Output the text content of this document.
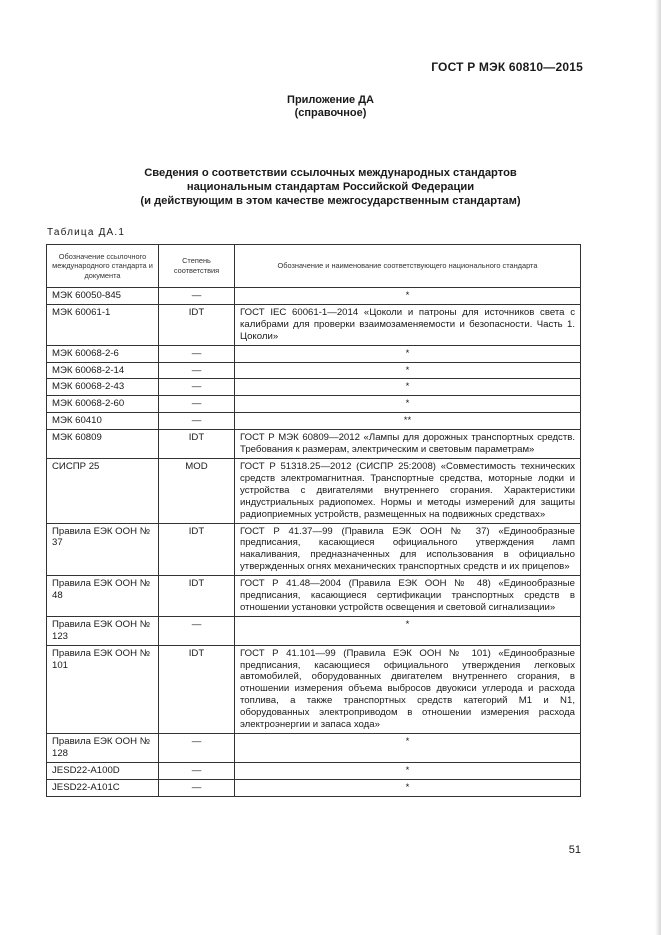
ГОСТ Р МЭК 60810—2015
Приложение ДА
(справочное)
Сведения о соответствии ссылочных международных стандартов
национальным стандартам Российской Федерации
(и действующим в этом качестве межгосударственным стандартам)
Таблица ДА.1
Обозначение ссылочного международного стандарта и документа	Степень соответствия	Обозначение и наименование соответствующего национального стандарта
МЭК 60050-845	—	*
МЭК 60061-1	IDT	ГОСТ IEC 60061-1—2014 «Цоколи и патроны для источников света с калибрами для проверки взаимозаменяемости и безопасности. Часть 1. Цоколи»
МЭК 60068-2-6	—	*
МЭК 60068-2-14	—	*
МЭК 60068-2-43	—	*
МЭК 60068-2-60	—	*
МЭК 60410	—	**
МЭК 60809	IDT	ГОСТ Р МЭК 60809—2012 «Лампы для дорожных транспортных средств. Требования к размерам, электрическим и световым параметрам»
СИСПР 25	MOD	ГОСТ Р 51318.25—2012 (СИСПР 25:2008) «Совместимость технических средств электромагнитная. Транспортные средства, моторные лодки и устройства с двигателями внутреннего сгорания. Характеристики индустриальных радиопомех. Нормы и методы измерений для защиты радиоприемных устройств, размещенных на подвижных средствах»
Правила ЕЭК ООН № 37	IDT	ГОСТ Р 41.37—99 (Правила ЕЭК ООН № 37) «Единообразные предписания, касающиеся официального утверждения ламп накаливания, предназначенных для использования в официально утвержденных огнях механических транспортных средств и их прицепов»
Правила ЕЭК ООН № 48	IDT	ГОСТ Р 41.48—2004 (Правила ЕЭК ООН № 48) «Единообразные предписания, касающиеся сертификации транспортных средств в отношении установки устройств освещения и световой сигнализации»
Правила ЕЭК ООН № 123	—	*
Правила ЕЭК ООН № 101	IDT	ГОСТ Р 41.101—99 (Правила ЕЭК ООН № 101) «Единообразные предписания, касающиеся официального утверждения легковых автомобилей, оборудованных двигателем внутреннего сгорания, в отношении измерения объема выбросов двуокиси углерода и расхода топлива, а также транспортных средств категорий M1 и N1, оборудованных электроприводом в отношении измерения расхода электроэнергии и запаса хода»
Правила ЕЭК ООН № 128	—	*
JESD22-A100D	—	*
JESD22-A101C	—	*
51
